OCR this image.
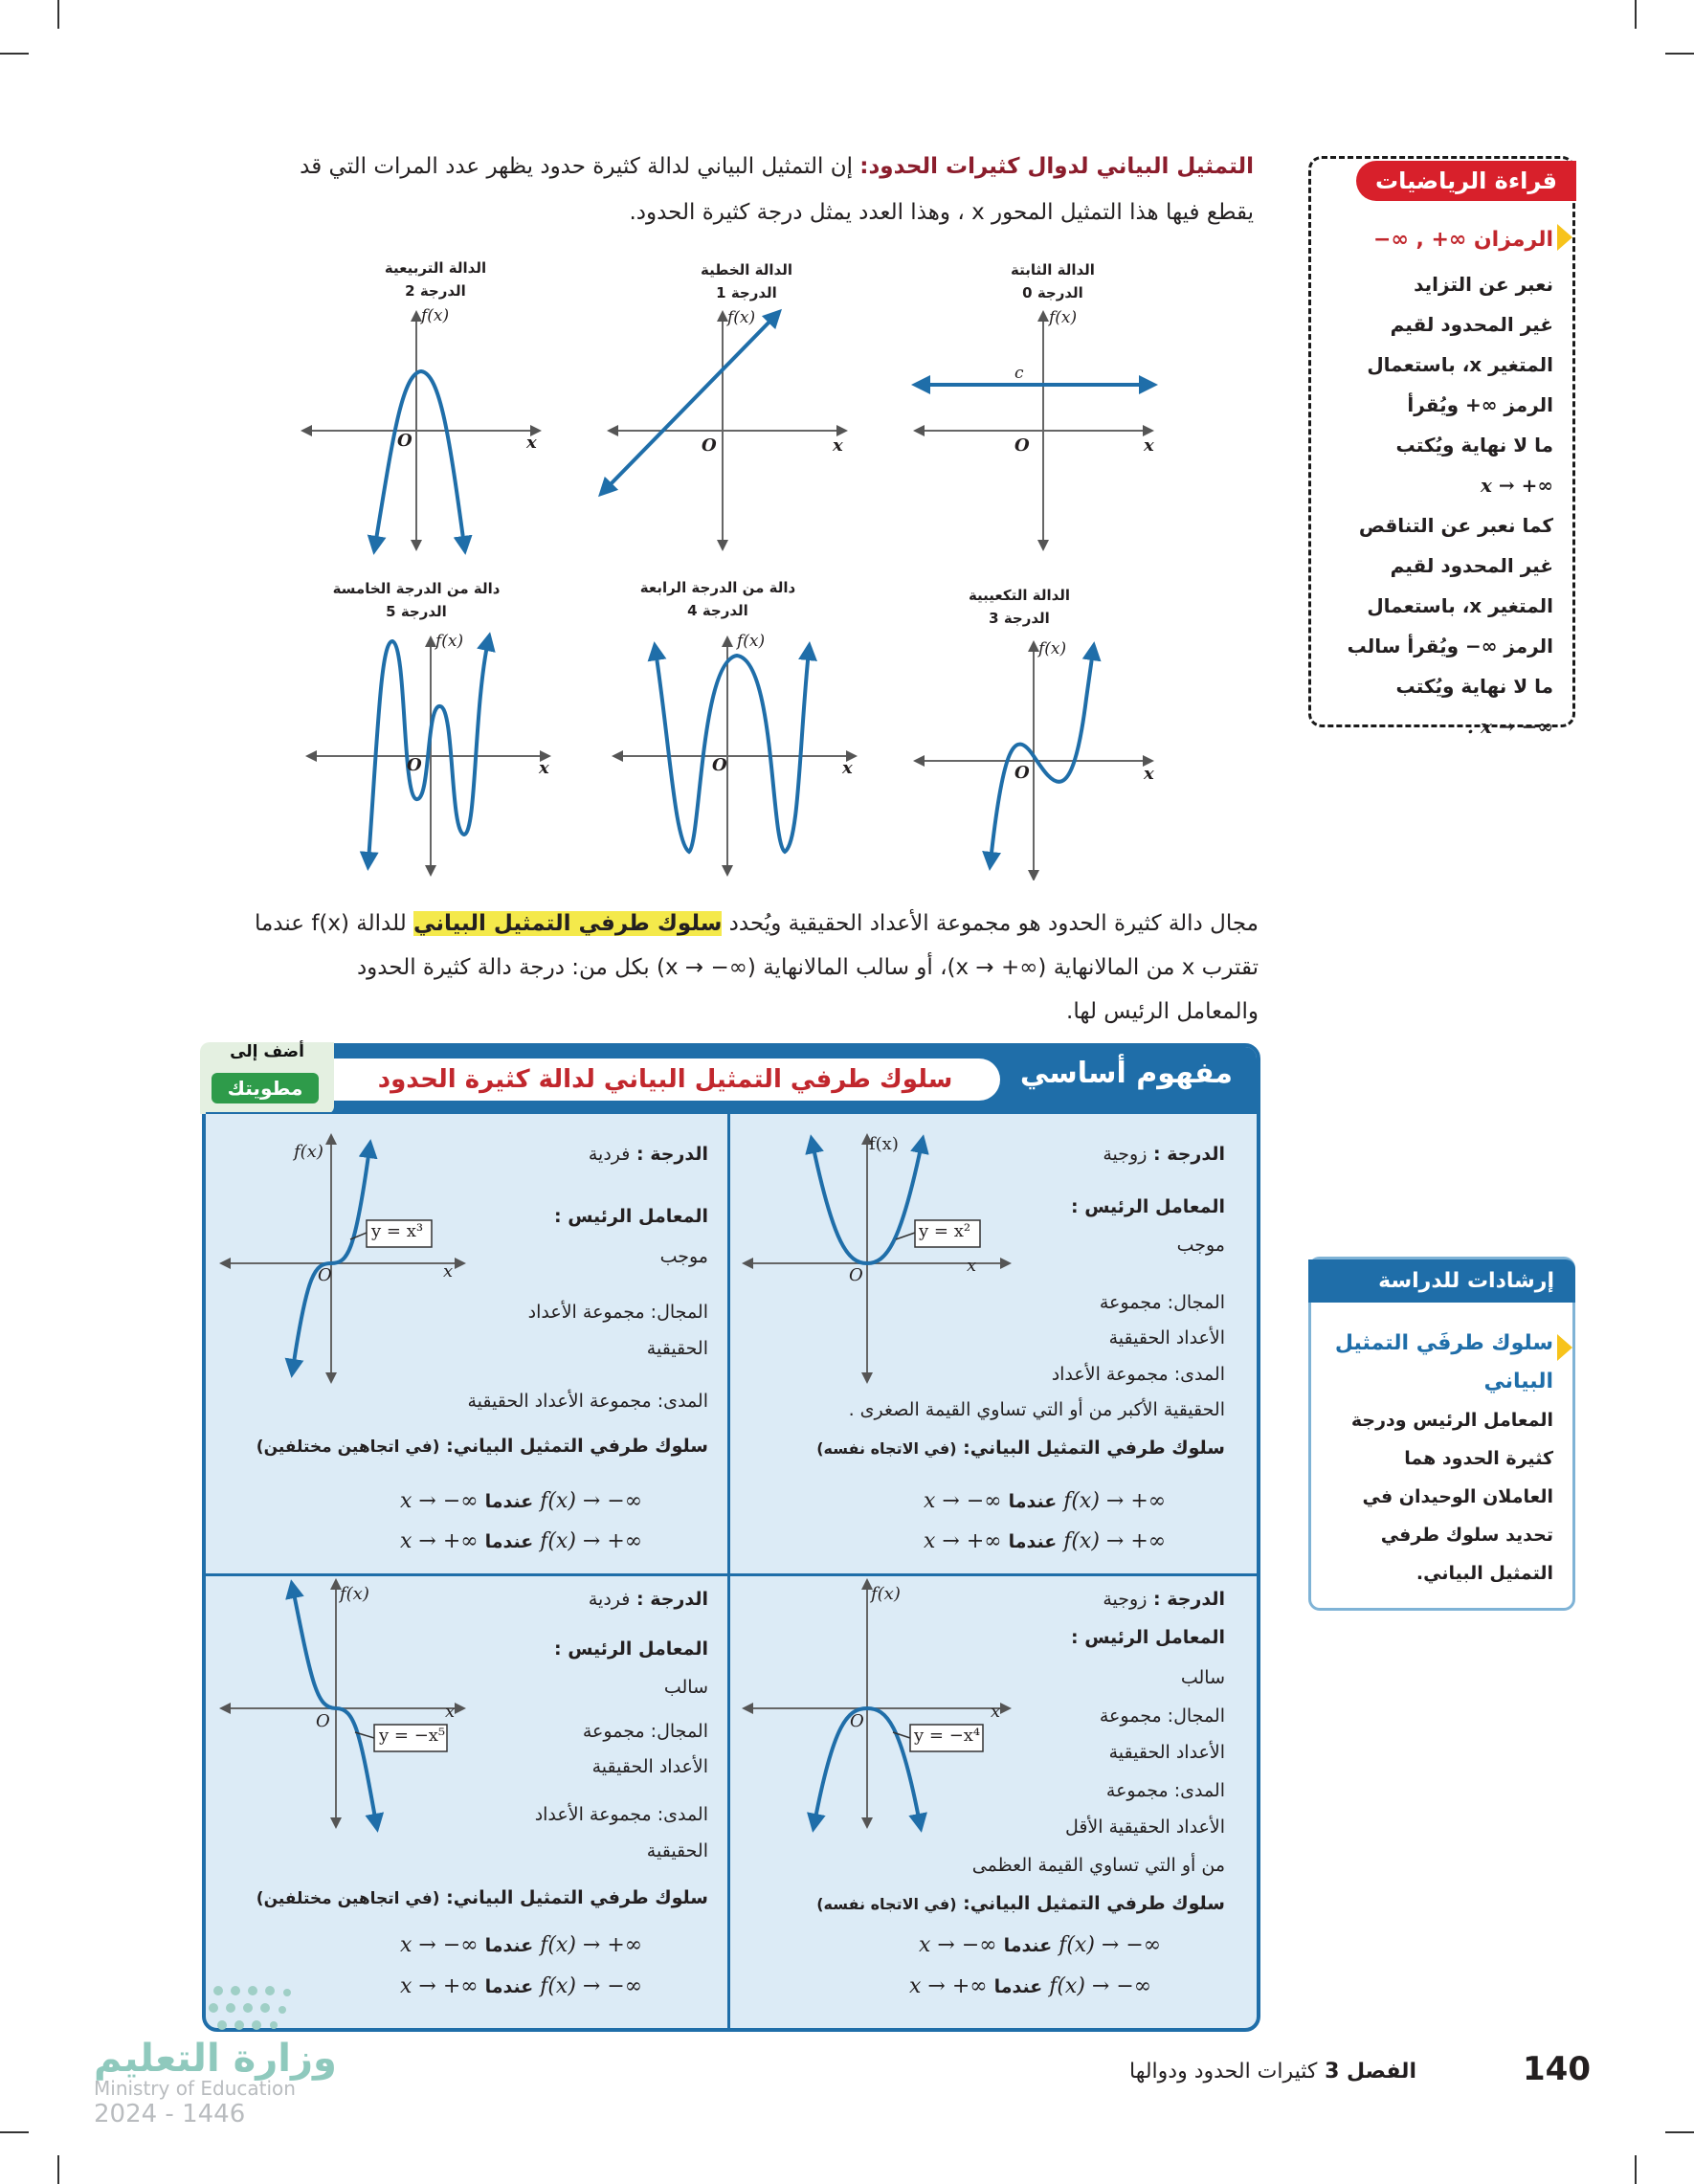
التمثيل البياني لدوال كثيرات الحدود: إن التمثيل البياني لدالة كثيرة حدود يظهر عدد المرات التي قد
يقطع فيها هذا التمثيل المحور x ، وهذا العدد يمثل درجة كثيرة الحدود.
الدالة الثابتة
الدرجة 0
الدالة الخطية
الدرجة 1
الدالة التربيعية
الدرجة 2
الدالة التكعيبية
الدرجة 3
دالة من الدرجة الرابعة
الدرجة 4
دالة من الدرجة الخامسة
الدرجة 5
f(x)
c
O	x
f(x)
O	x
f(x)
O	x
f(x)
O	x
f(x)
O	x
f(x)
O	x
مجال دالة كثيرة الحدود هو مجموعة الأعداد الحقيقية ويُحدد سلوك طرفي التمثيل البياني للدالة f(x) عندما
تقترب x من المالانهاية (∞+ → x)، أو سالب المالانهاية (∞− → x) بكل من: درجة دالة كثيرة الحدود
والمعامل الرئيس لها.
قراءة الرياضيات
الرمزان ∞+ , ∞−
نعبر عن التزايد
غير المحدود لقيم
المتغير x، باستعمال
الرمز ∞+ ويُقرأ
ما لا نهاية ويُكتب
x → +∞
كما نعبر عن التناقص
غير المحدود لقيم
المتغير x، باستعمال
الرمز ∞− ويُقرأ سالب
ما لا نهاية ويُكتب
. x → −∞
إرشادات للدراسة
سلوك طرفَي التمثيل البياني
المعامل الرئيس ودرجة
كثيرة الحدود هما
العاملان الوحيدان في
تحديد سلوك طرفي
التمثيل البياني.
سلوك طرفي التمثيل البياني لدالة كثيرة الحدود	مفهوم أساسي
أضف إلى
مطويتك
f(x)
O	x
y = x²
f(x)
O	x
y = x³
f(x)
O	x
y = −x⁴
f(x)
O	x
y = −x⁵
الدرجة : زوجية
المعامل الرئيس :
موجب
المجال: مجموعة
الأعداد الحقيقية
المدى: مجموعة الأعداد
الحقيقية الأكبر من أو التي تساوي القيمة الصغرى .
سلوك طرفي التمثيل البياني: (في الاتجاه نفسه)
x → −∞ عندما f(x) → +∞
x → +∞ عندما f(x) → +∞
الدرجة : فردية
المعامل الرئيس :
موجب
المجال: مجموعة الأعداد
الحقيقية
المدى: مجموعة الأعداد الحقيقية
سلوك طرفي التمثيل البياني: (في اتجاهين مختلفين)
x → −∞ عندما f(x) → −∞
x → +∞ عندما f(x) → +∞
الدرجة : زوجية
المعامل الرئيس :
سالب
المجال: مجموعة
الأعداد الحقيقية
المدى: مجموعة
الأعداد الحقيقية الأقل
من أو التي تساوي القيمة العظمى
سلوك طرفي التمثيل البياني: (في الاتجاه نفسه)
x → −∞ عندما f(x) → −∞
x → +∞ عندما f(x) → −∞
الدرجة : فردية
المعامل الرئيس :
سالب
المجال: مجموعة
الأعداد الحقيقية
المدى: مجموعة الأعداد
الحقيقية
سلوك طرفي التمثيل البياني: (في اتجاهين مختلفين)
x → −∞ عندما f(x) → +∞
x → +∞ عندما f(x) → −∞
وزارة التعليم
Ministry of Education
2024 - 1446
الفصل 3 كثيرات الحدود ودوالها	140
